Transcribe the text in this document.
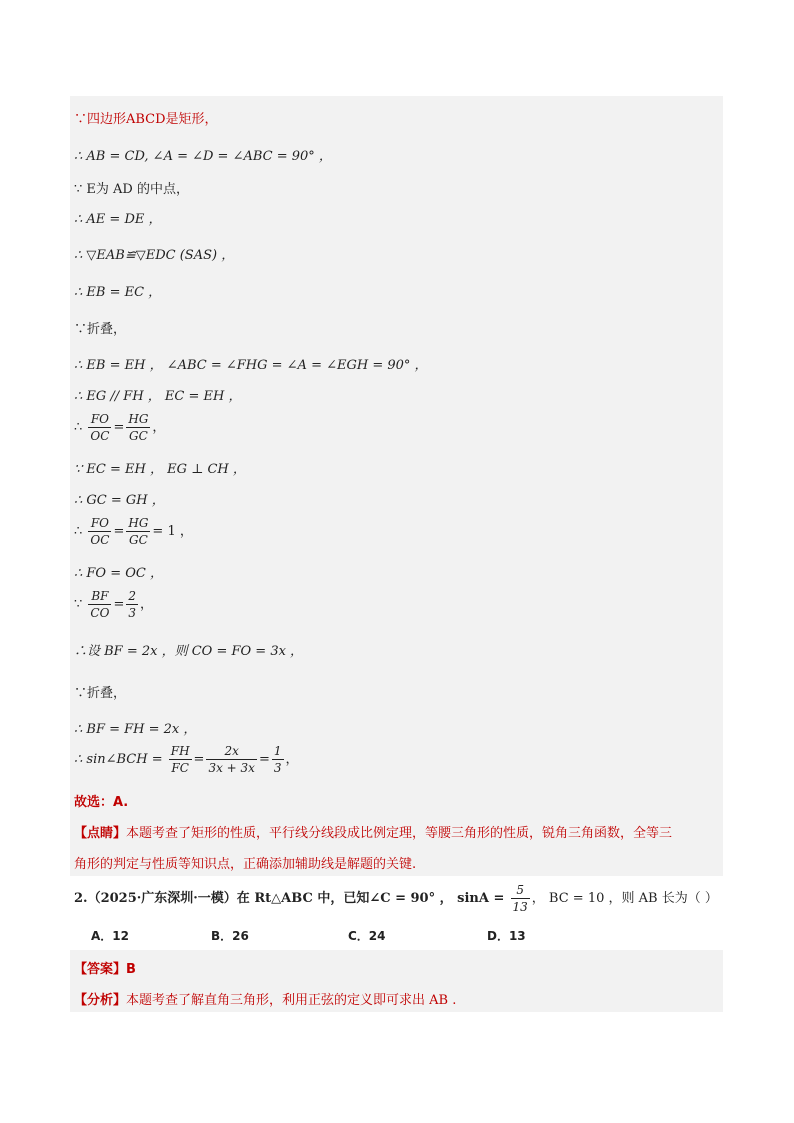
∵四边形ABCD是矩形，
∴ AB = CD, ∠A = ∠D = ∠ABC = 90° ，
∵ E为 AD 的中点，
∴ AE = DE ，
∴ ▽EAB≌▽EDC (SAS) ，
∴ EB = EC ，
∵折叠，
∴ EB = EH ， ∠ABC = ∠FHG = ∠A = ∠EGH = 90° ，
∴ EG // FH ， EC = EH ，
∴ $\frac{FO}{OC} = \frac{HG}{GC}$ ，
∵ EC = EH ， EG ⊥ CH ，
∴ GC = GH ，
∴ $\frac{FO}{OC} = \frac{HG}{GC} = 1$ ，
∴ FO = OC ，
∵ $\frac{BF}{CO} = \frac{2}{3}$ ，
∴设 BF = 2x ，则 CO = FO = 3x ，
∵折叠，
∴ BF = FH = 2x ，
∴ sin∠BCH = $\frac{FH}{FC} = \frac{2x}{3x + 3x} = \frac{1}{3}$ ，
故选：A.
【点睛】本题考查了矩形的性质，平行线分线段成比例定理，等腰三角形的性质，锐角三角函数，全等三
角形的判定与性质等知识点，正确添加辅助线是解题的关键.
2.（2025·广东深圳·一模）在 Rt△ABC 中，已知∠C = 90° ， $\sin A = \frac{5}{13}$ ， BC = 10 ，则 AB 长为（ ）
A．12	B．26	C．24	D．13
【答案】B
【分析】本题考查了解直角三角形，利用正弦的定义即可求出 AB .
